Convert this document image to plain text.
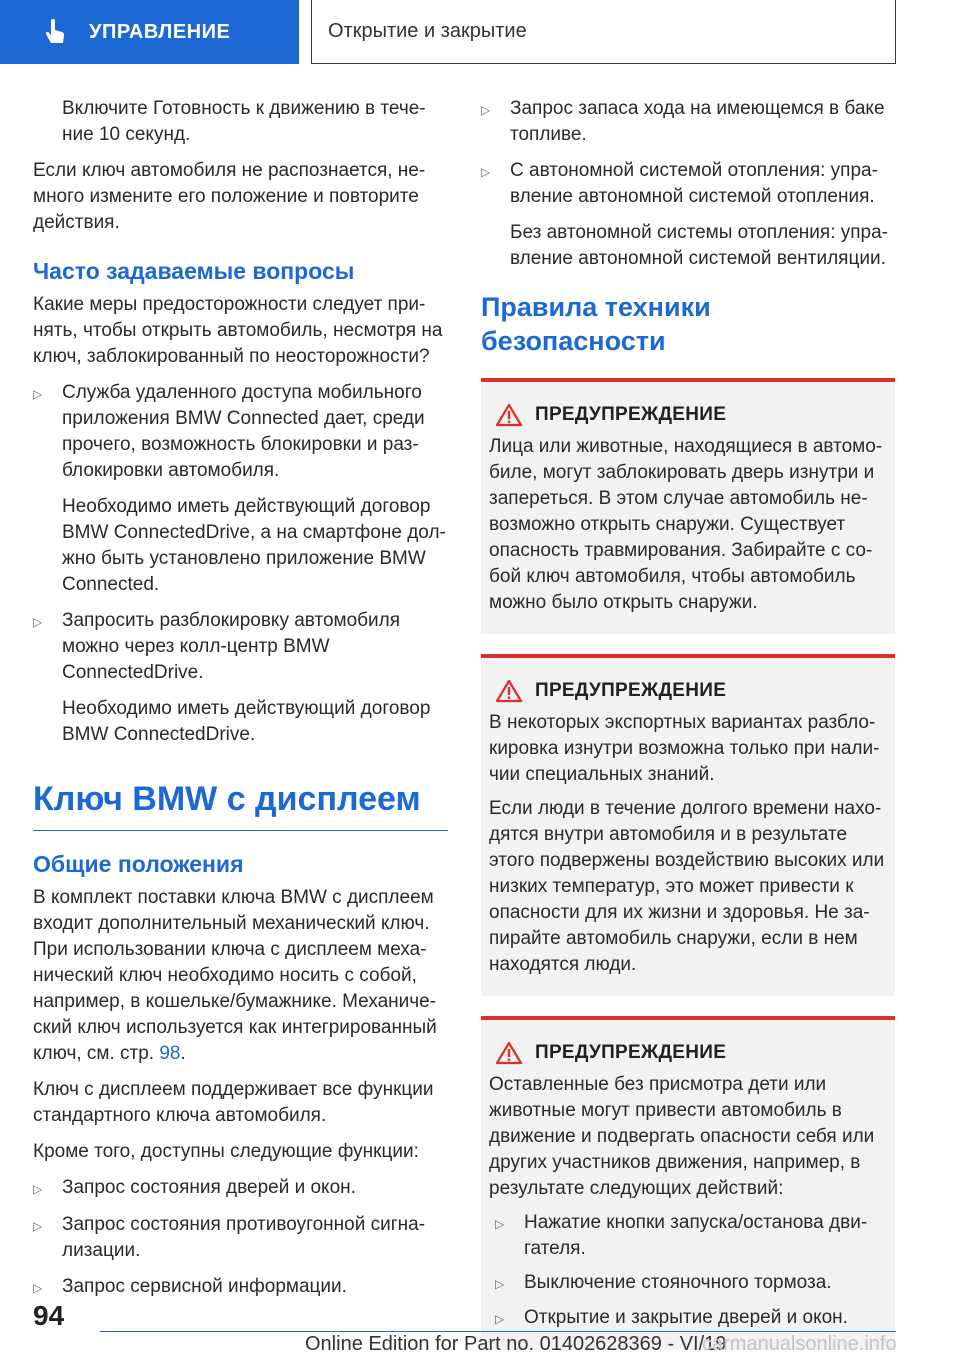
УПРАВЛЕНИЕ	Открытие и закрытие

Включите Готовность к движению в течение 10 секунд.

Если ключ автомобиля не распознается, немного измените его положение и повторите действия.

Часто задаваемые вопросы

Какие меры предосторожности следует принять, чтобы открыть автомобиль, несмотря на ключ, заблокированный по неосторожности?

▷	Служба удаленного доступа мобильного приложения BMW Connected дает, среди прочего, возможность блокировки и разблокировки автомобиля.

Необходимо иметь действующий договор BMW ConnectedDrive, а на смартфоне должно быть установлено приложение BMW Connected.

▷	Запросить разблокировку автомобиля можно через колл-центр BMW ConnectedDrive.

Необходимо иметь действующий договор BMW ConnectedDrive.

Ключ BMW с дисплеем
Общие положения

В комплект поставки ключа BMW с дисплеем входит дополнительный механический ключ. При использовании ключа с дисплеем механический ключ необходимо носить с собой, например, в кошельке/бумажнике. Механический ключ используется как интегрированный ключ, см. стр. 98.

Ключ с дисплеем поддерживает все функции стандартного ключа автомобиля.

Кроме того, доступны следующие функции:

▷	Запрос состояния дверей и окон.

▷	Запрос состояния противоугонной сигнализации.

▷	Запрос сервисной информации.

▷	Запрос запаса хода на имеющемся в баке топливе.

▷	С автономной системой отопления: управление автономной системой отопления.

Без автономной системы отопления: управление автономной системой вентиляции.

Правила техники безопасности
ПРЕДУПРЕЖДЕНИЕ

Лица или животные, находящиеся в автомобиле, могут заблокировать дверь изнутри и запереться. В этом случае автомобиль невозможно открыть снаружи. Существует опасность травмирования. Забирайте с собой ключ автомобиля, чтобы автомобиль можно было открыть снаружи.

ПРЕДУПРЕЖДЕНИЕ

В некоторых экспортных вариантах разблокировка изнутри возможна только при наличии специальных знаний.

Если люди в течение долгого времени находятся внутри автомобиля и в результате этого подвержены воздействию высоких или низких температур, это может привести к опасности для их жизни и здоровья. Не запирайте автомобиль снаружи, если в нем находятся люди.

ПРЕДУПРЕЖДЕНИЕ

Оставленные без присмотра дети или животные могут привести автомобиль в движение и подвергать опасности себя или других участников движения, например, в результате следующих действий:

▷	Нажатие кнопки запуска/останова двигателя.

▷	Выключение стояночного тормоза.

▷	Открытие и закрытие дверей и окон.

94
Online Edition for Part no. 01402628369 - VI/19
carmanualsonline.info
